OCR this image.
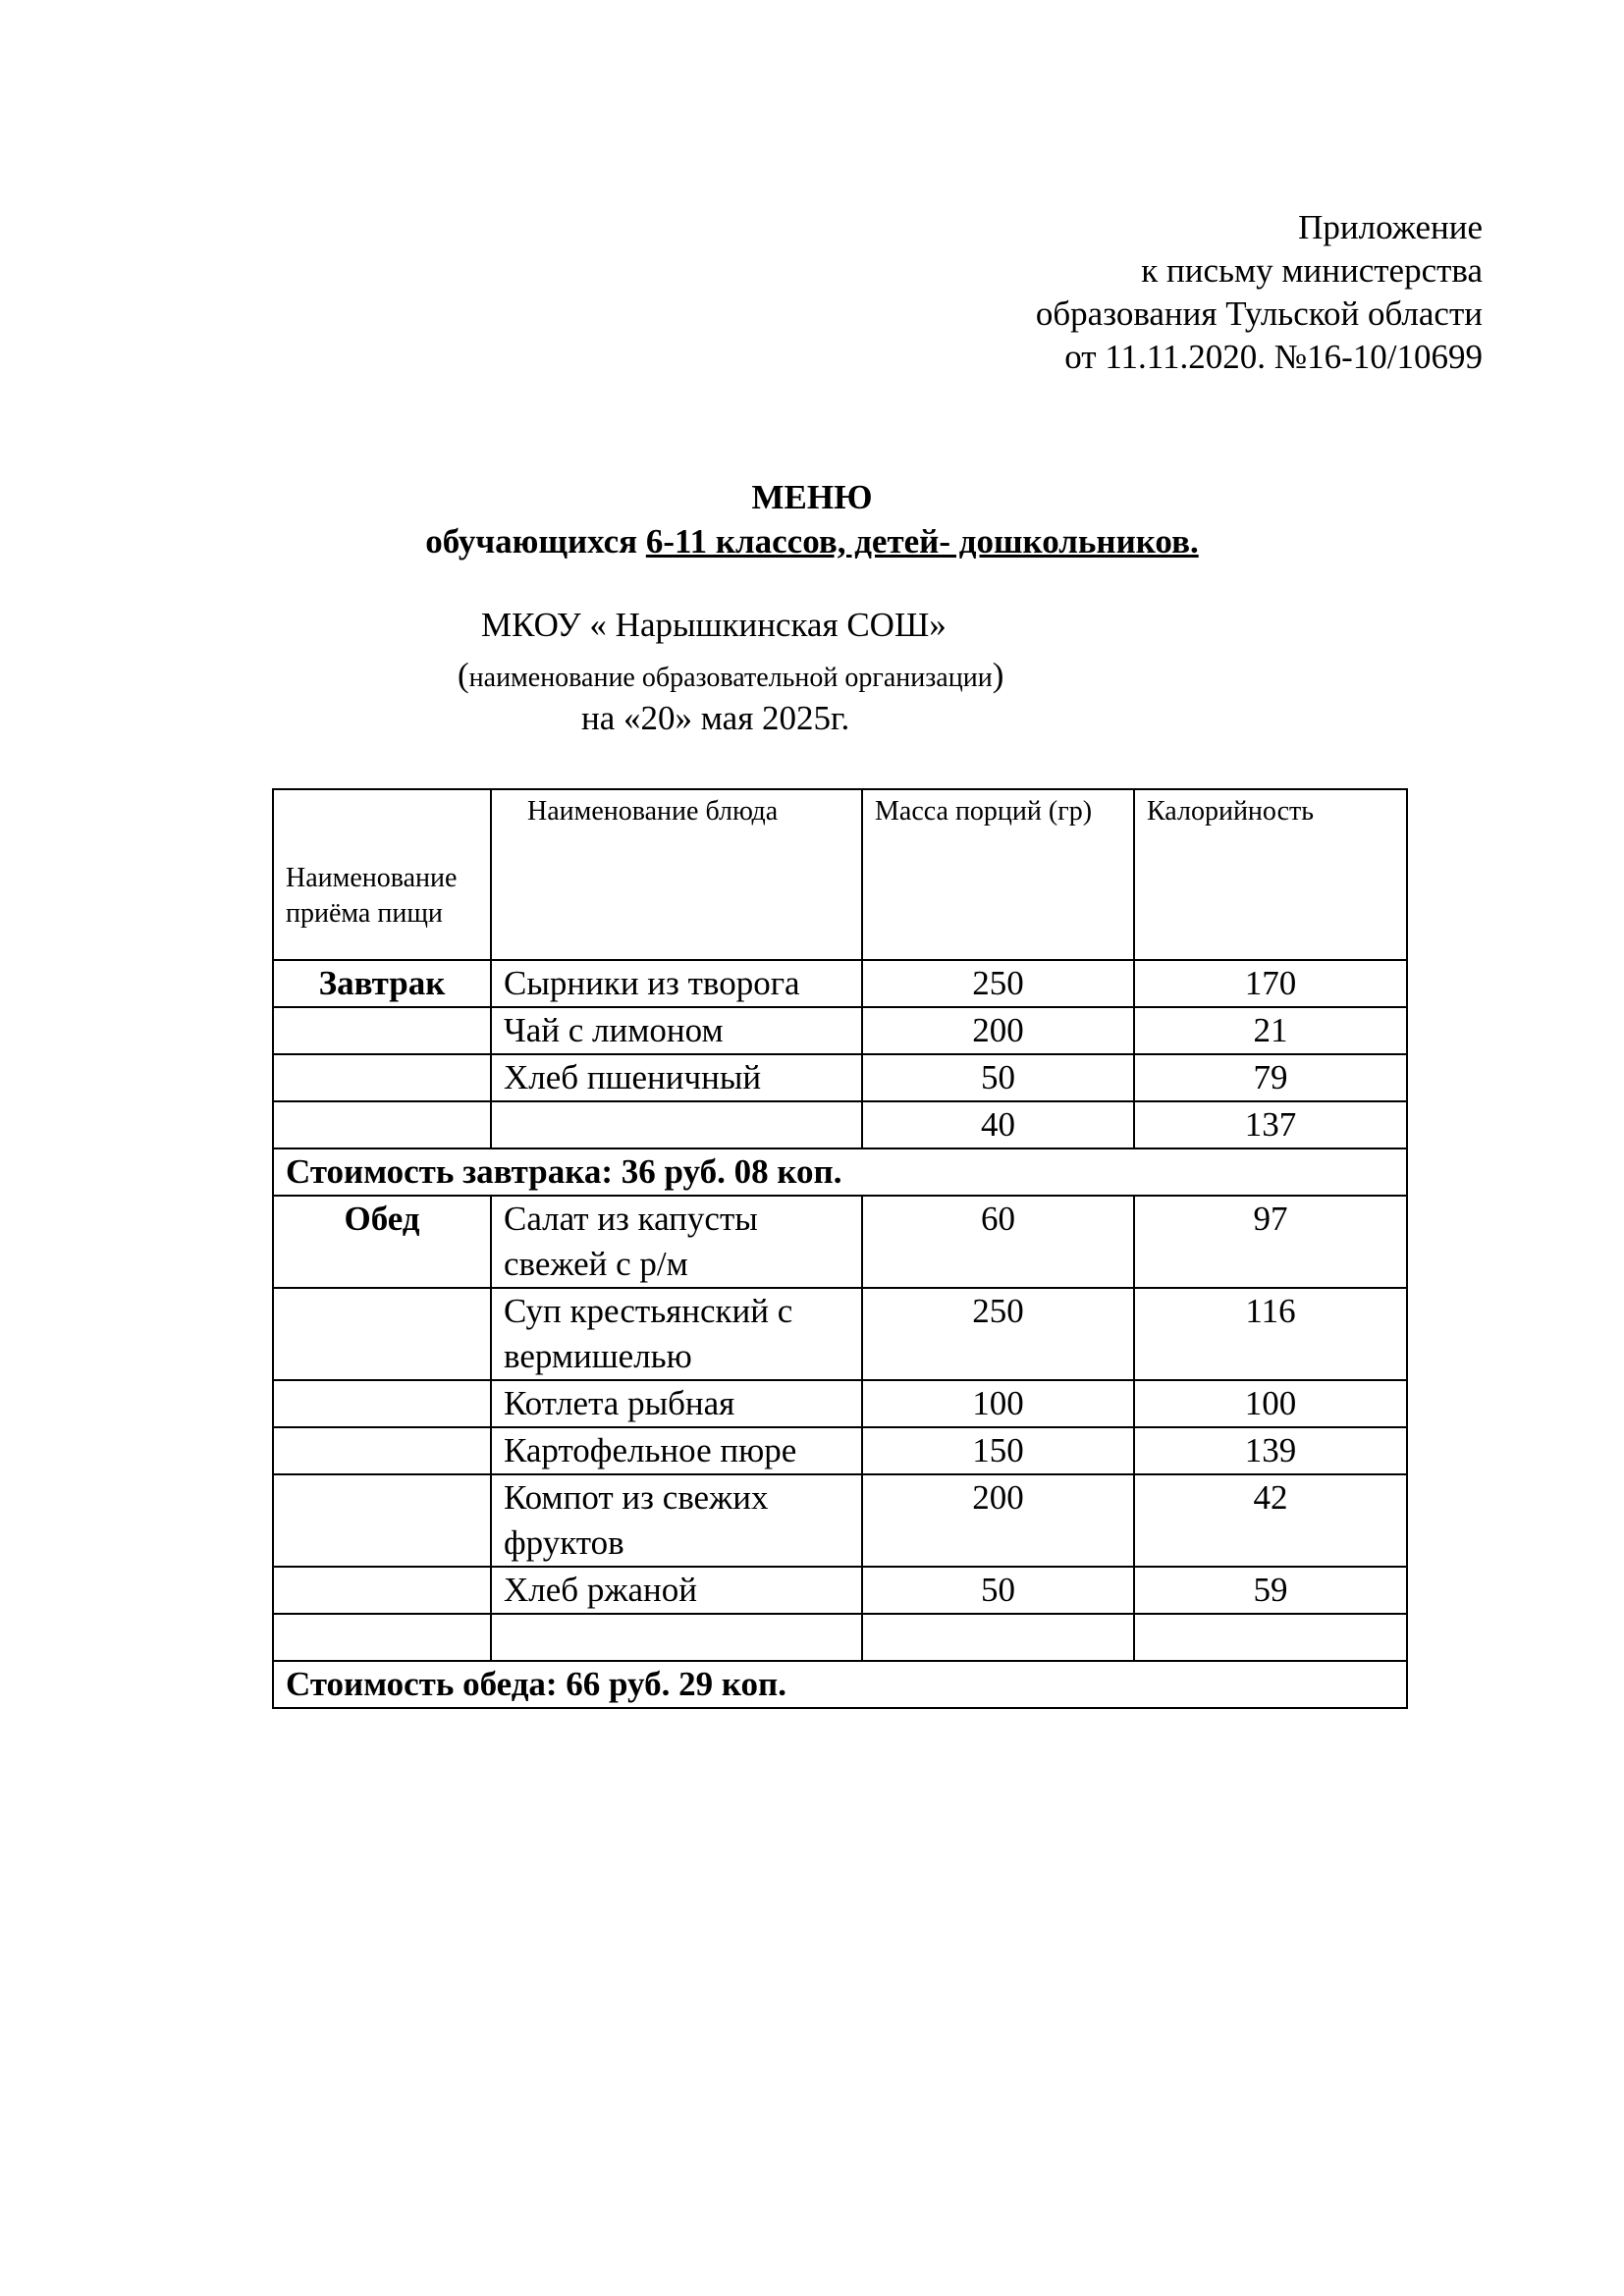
Приложение
к письму министерства
образования Тульской области
от 11.11.2020. №16-10/10699
МЕНЮ
обучающихся 6-11 классов, детей- дошкольников.
МКОУ « Нарышкинская СОШ»
(наименование образовательной организации)
на «20» мая 2025г.
Наименование приёма пищи	Наименование блюда	Масса порций (гр)	Калорийность
Завтрак	Сырники из творога	250	170
	Чай с лимоном	200	21
	Хлеб пшеничный	50	79
		40	137
Стоимость завтрака: 36 руб. 08 коп.			
Обед	Салат из капусты свежей с р/м	60	97
	Суп крестьянский с вермишелью	250	116
	Котлета рыбная	100	100
	Картофельное пюре	150	139
	Компот из свежих фруктов	200	42
	Хлеб ржаной	50	59

Стоимость обеда: 66 руб. 29 коп.			
